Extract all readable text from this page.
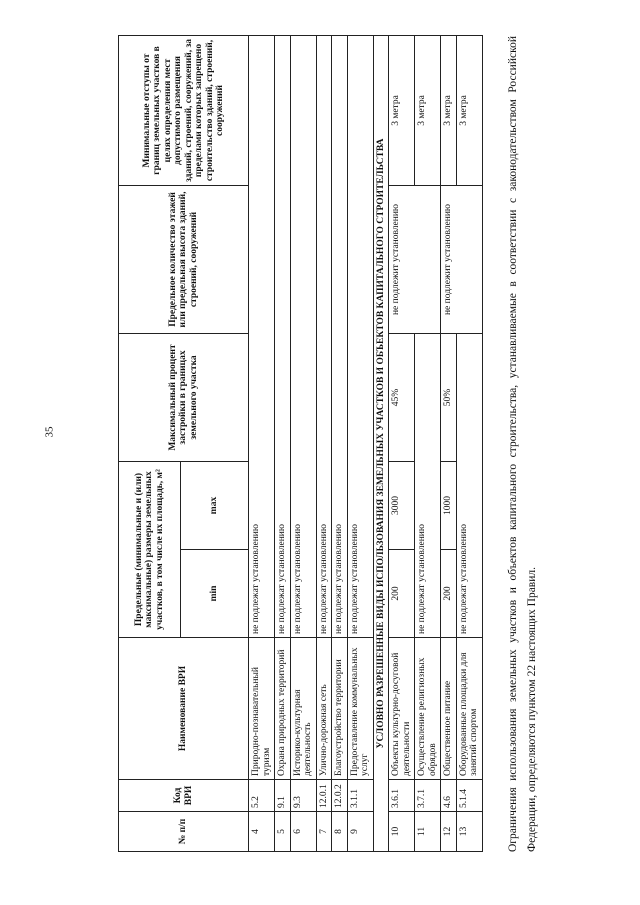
35
№ п/п	Код ВРИ	Наименование ВРИ	Предельные (минимальные и (или) максимальные) размеры земельных участков, в том числе их площадь, м²		Максимальный процент застройки в границах земельного участка	Предельное количество этажей или предельная высота зданий, строений, сооружений	Минимальные отступы от границ земельных участков в целях определения мест допустимого размещения зданий, строений, сооружений, за пределами которых запрещено строительство зданий, строений, сооружений
			min	max			
4	5.2	Природно-познавательный туризм	не подлежат установлению				
5	9.1	Охрана природных территорий	не подлежат установлению				
6	9.3	Историко-культурная деятельность	не подлежат установлению				
7	12.0.1	Улично-дорожная сеть	не подлежат установлению				
8	12.0.2	Благоустройство территории	не подлежат установлению				
9	3.1.1	Предоставление коммунальных услуг	не подлежат установлению				
УСЛОВНО РАЗРЕШЕННЫЕ ВИДЫ ИСПОЛЬЗОВАНИЯ ЗЕМЕЛЬНЫХ УЧАСТКОВ И ОБЪЕКТОВ КАПИТАЛЬНОГО СТРОИТЕЛЬСТВА							
10	3.6.1	Объекты культурно-досуговой деятельности	200	3000	45%	не подлежит установлению	3 метра
11	3.7.1	Осуществление религиозных обрядов	не подлежат установлению				3 метра
12	4.6	Общественное питание	200	1000	50%	не подлежит установлению	3 метра
13	5.1.4	Оборудованные площадки для занятий спортом	не подлежат установлению				3 метра	Ограничения использования земельных участков и объектов капитального строительства, устанавливаемые в соответствии с законодательством Российской Федерации, определяются пунктом 22 настоящих Правил.
